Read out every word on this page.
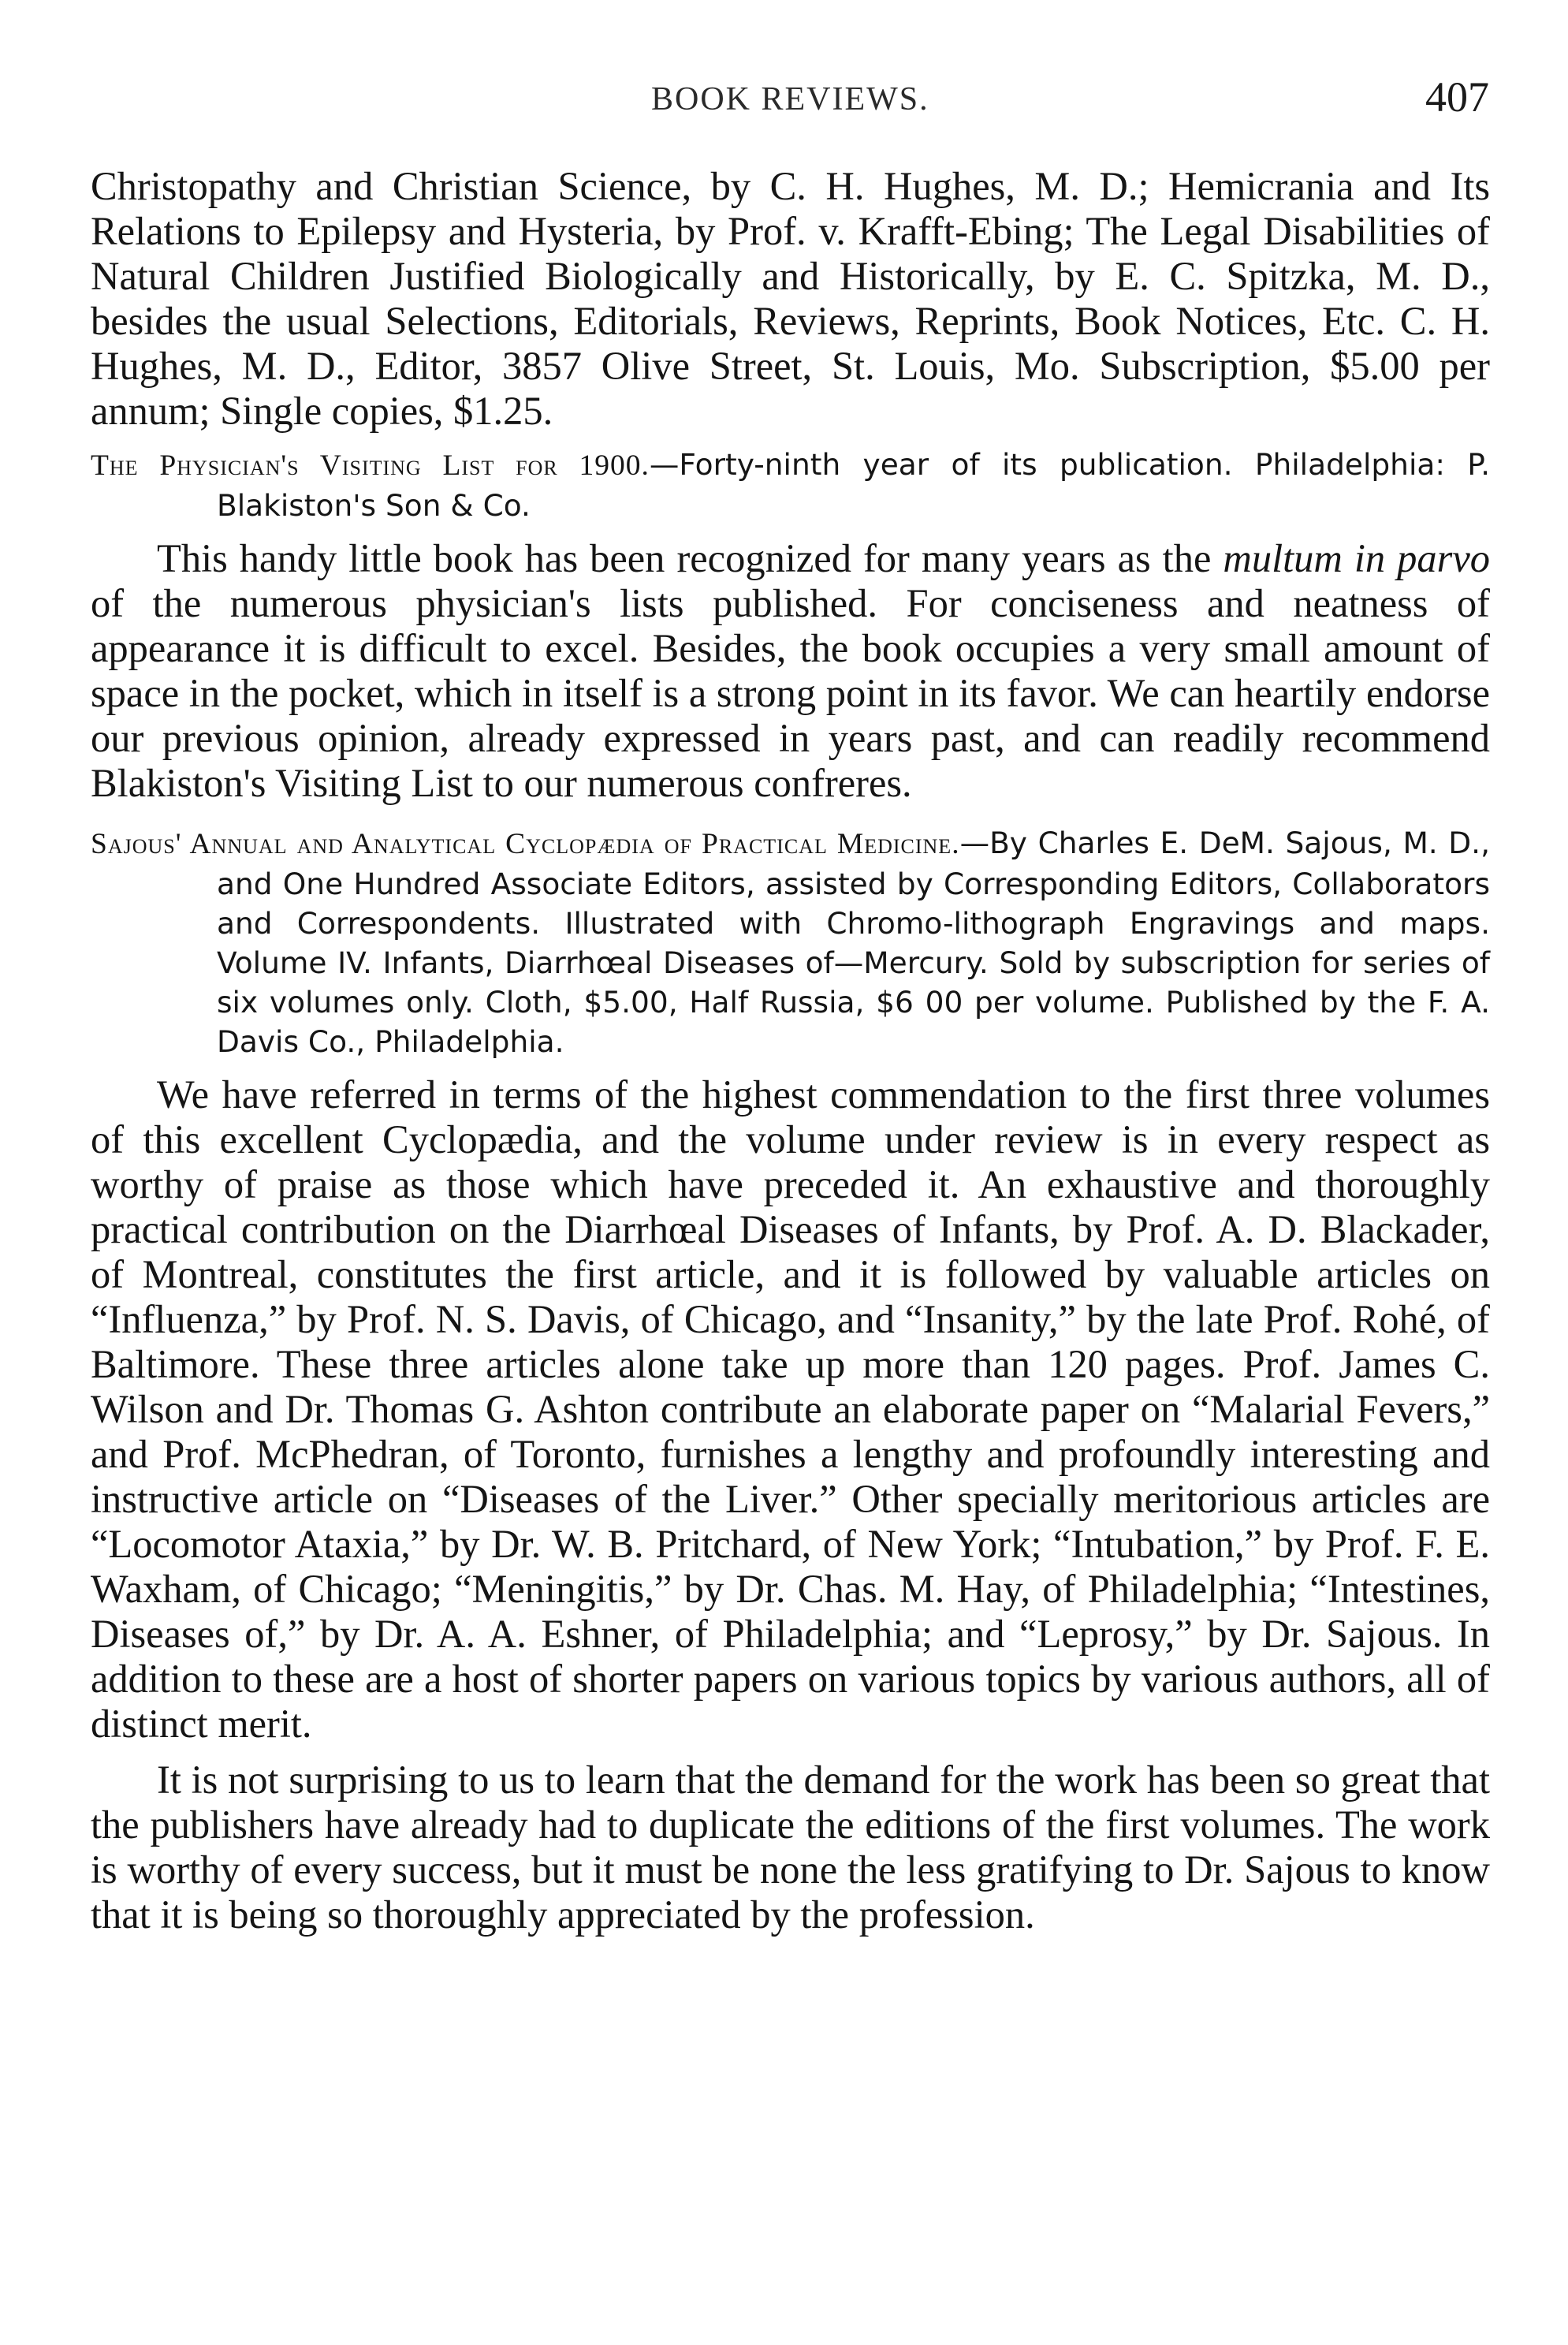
BOOK REVIEWS.	407

Christopathy and Christian Science, by C. H. Hughes, M. D.; Hemicrania and Its Relations to Epilepsy and Hysteria, by Prof. v. Krafft-Ebing; The Legal Disabilities of Natural Children Justified Biologically and Historically, by E. C. Spitzka, M. D., besides the usual Selections, Editorials, Reviews, Reprints, Book Notices, Etc. C. H. Hughes, M. D., Editor, 3857 Olive Street, St. Louis, Mo. Subscription, $5.00 per annum; Single copies, $1.25.

The Physician's Visiting List for 1900.—Forty-ninth year of its publication. Philadelphia: P. Blakiston's Son & Co.

This handy little book has been recognized for many years as the multum in parvo of the numerous physician's lists published. For conciseness and neatness of appearance it is difficult to excel. Besides, the book occupies a very small amount of space in the pocket, which in itself is a strong point in its favor. We can heartily endorse our previous opinion, already expressed in years past, and can readily recommend Blakiston's Visiting List to our numerous confreres.

Sajous' Annual and Analytical Cyclopædia of Practical Medicine.—By Charles E. DeM. Sajous, M. D., and One Hundred Associate Editors, assisted by Corresponding Editors, Collaborators and Correspondents. Illustrated with Chromo-lithograph Engravings and maps. Volume IV. Infants, Diarrhœal Diseases of—Mercury. Sold by subscription for series of six volumes only. Cloth, $5.00, Half Russia, $6 00 per volume. Published by the F. A. Davis Co., Philadelphia.

We have referred in terms of the highest commendation to the first three volumes of this excellent Cyclopædia, and the volume under review is in every respect as worthy of praise as those which have preceded it. An exhaustive and thoroughly practical contribution on the Diarrhœal Diseases of Infants, by Prof. A. D. Blackader, of Montreal, constitutes the first article, and it is followed by valuable articles on “Influenza,” by Prof. N. S. Davis, of Chicago, and “Insanity,” by the late Prof. Rohé, of Baltimore. These three articles alone take up more than 120 pages. Prof. James C. Wilson and Dr. Thomas G. Ashton contribute an elaborate paper on “Malarial Fevers,” and Prof. McPhedran, of Toronto, furnishes a lengthy and profoundly interesting and instructive article on “Diseases of the Liver.” Other specially meritorious articles are “Locomotor Ataxia,” by Dr. W. B. Pritchard, of New York; “Intubation,” by Prof. F. E. Waxham, of Chicago; “Meningitis,” by Dr. Chas. M. Hay, of Philadelphia; “Intestines, Diseases of,” by Dr. A. A. Eshner, of Philadelphia; and “Leprosy,” by Dr. Sajous. In addition to these are a host of shorter papers on various topics by various authors, all of distinct merit.

It is not surprising to us to learn that the demand for the work has been so great that the publishers have already had to duplicate the editions of the first volumes. The work is worthy of every success, but it must be none the less gratifying to Dr. Sajous to know that it is being so thoroughly appreciated by the profession.
